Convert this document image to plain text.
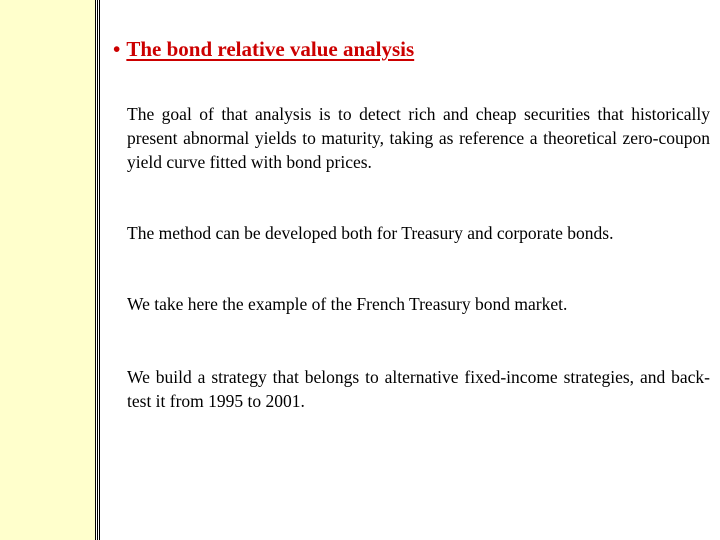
• The bond relative value analysis
The goal of that analysis is to detect rich and cheap securities that historically present abnormal yields to maturity, taking as reference a theoretical zero-coupon yield curve fitted with bond prices.
The method can be developed both for Treasury and corporate bonds.
We take here the example of the French Treasury bond market.
We build a strategy that belongs to alternative fixed-income strategies, and back-test it from 1995 to 2001.
